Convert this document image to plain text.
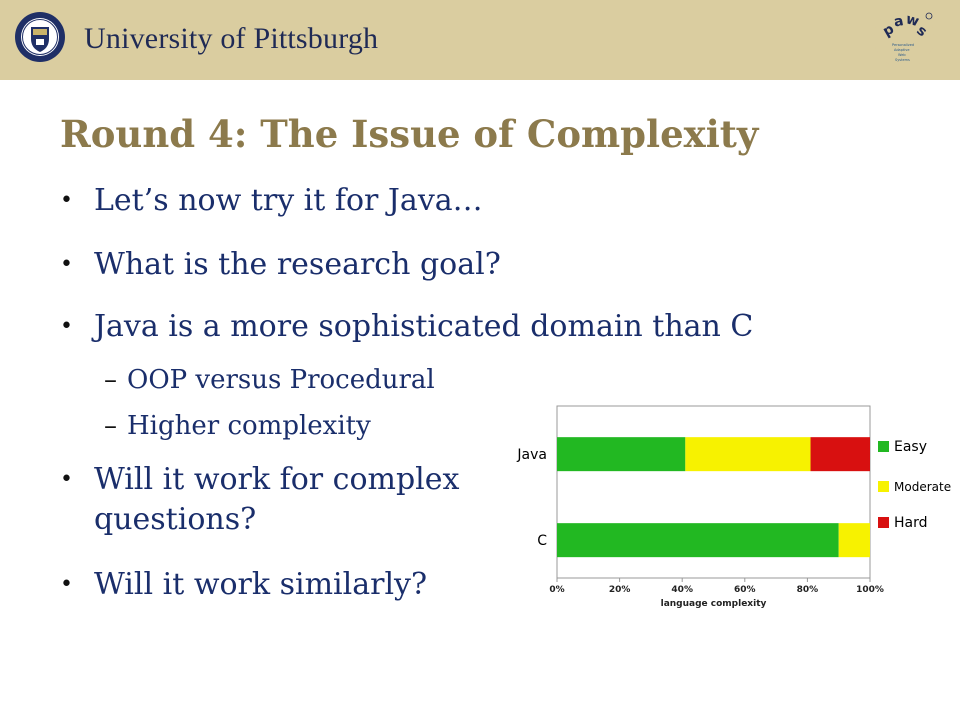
University of Pittsburgh	p
a w
s
Personalized
Adaptive
Web
Systems
Round 4: The Issue of Complexity
• Let’s now try it for Java…
• What is the research goal?
• Java is a more sophisticated domain than C
– OOP versus Procedural
– Higher complexity
• Will it work for complex
questions?
• Will it work similarly?
Java
C
0%	20%	40%	60%	80%	100%
language complexity
Easy
Moderate
Hard
